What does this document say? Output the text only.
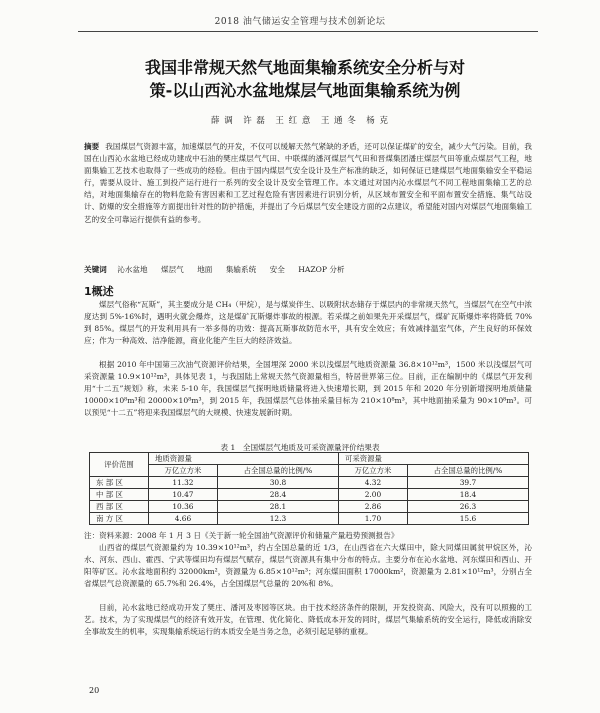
2018 油气储运安全管理与技术创新论坛
我国非常规天然气地面集输系统安全分析与对
策-以山西沁水盆地煤层气地面集输系统为例
薛 调　许 磊　王 红 意　王 通 冬　杨 克
摘要 我国煤层气资源丰富，加速煤层气的开发，不仅可以缓解天然气紧缺的矛盾，还可以保证煤矿的安全，减少大气污染。目前，我国在山西沁水盆地已经成功建成中石油的樊庄煤层气气田、中联煤的潘河煤层气气田和晋煤集团潘庄煤层气田等重点煤层气工程，地面集输工艺技术也取得了一些成功的经验。但由于国内煤层气安全设计及生产标准的缺乏，如何保证已建煤层气地面集输安全平稳运行，需要从设计、施工到投产运行进行一系列的安全设计及安全管理工作。本文通过对国内沁水煤层气不同工程地面集输工艺的总结，对地面集输存在的物料危险有害因素和工艺过程危险有害因素进行识别分析，从区域布置安全和平面布置安全措施、集气站设计、防爆的安全措施等方面提出针对性的防护措施，并提出了今后煤层气安全建设方面的2点建议，希望能对国内对煤层气地面集输工艺的安全可靠运行提供有益的参考。
关键词 沁水盆地 煤层气 地面 集输系统 安全 HAZOP 分析
1概述

煤层气俗称“瓦斯”，其主要成分是 CH₄（甲烷），是与煤炭伴生、以吸附状态储存于煤层内的非常规天然气，当煤层气在空气中浓度达到 5%-16%时，遇明火就会爆炸，这是煤矿瓦斯爆炸事故的根源。若采煤之前如果先开采煤层气，煤矿瓦斯爆炸率将降低 70%到 85%。煤层气的开发利用具有一举多得的功效：提高瓦斯事故防范水平，具有安全效应；有效减排温室气体，产生良好的环保效应；作为一种高效、洁净能源，商业化能产生巨大的经济效益。

根据 2010 年中国第三次油气资源评价结果，全国埋深 2000 米以浅煤层气地质资源量 36.8×10¹²m³，1500 米以浅煤层气可采资源量 10.9×10¹²m³，具体见表 1，与我国陆上常规天然气资源量相当，特居世界第三位。目前，正在编制中的《煤层气开发利用“十二五”规划》称，未来 5-10 年，我国煤层气探明地质储量将进入快速增长期，到 2015 年和 2020 年分别新增探明地质储量 10000×10⁸m³和 20000×10⁸m³，到 2015 年，我国煤层气总体抽采量目标为 210×10⁸m³，其中地面抽采量为 90×10⁸m³。可以预见“十二五”将迎来我国煤层气的大规模、快速发展新时期。

表 1　全国煤层气地质及可采资源量评价结果表
评价范围	地质资源量		可采资源量	
	万亿立方米	占全国总量的比例/%	万亿立方米	占全国总量的比例/%
东 部 区	11.32	30.8	4.32	39.7
中 部 区	10.47	28.4	2.00	18.4
西 部 区	10.36	28.1	2.86	26.3
南 方 区	4.66	12.3	1.70	15.6

注：资料来源：2008 年 1 月 3 日《关于新一轮全国油气资源评价和储量产量趋势预测报告》

山西省的煤层气资源量约为 10.39×10¹²m³，约占全国总量的近 1/3，在山西省在六大煤田中，除大同煤田属贫甲烷区外，沁水、河东、西山、霍西、宁武等煤田均有煤层气赋存，煤层气资源具有集中分布的特点。主要分布在沁水盆地、河东煤田和西山、开阳等矿区。沁水盆地面积约 32000km²，资源量为 6.85×10¹²m³；河东煤田面积 17000km²，资源量为 2.81×10¹²m³，分别占全省煤层气总资源量的 65.7%和 26.4%，占全国煤层气总量的 20%和 8%。

目前，沁水盆地已经成功开发了樊庄、潘河及枣园等区块。由于技术经济条件的限制，开发投资高、风险大，没有可以照搬的工艺。技术，为了实现煤层气的经济有效开发，在管理、优化简化、降低成本开发的同时，煤层气集输系统的安全运行，降低或消除安全事故发生的机率，实现集输系统运行的本质安全是当务之急，必须引起足够的重视。

20
